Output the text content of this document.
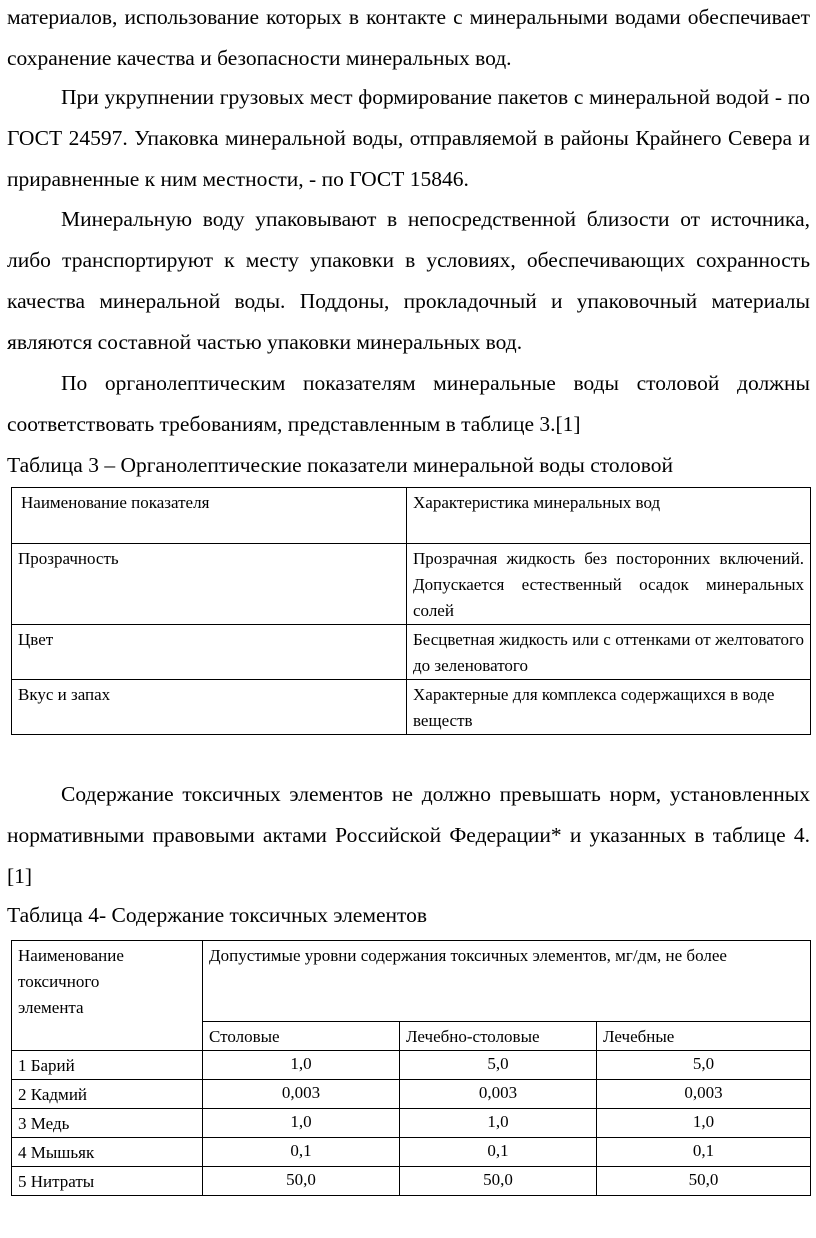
материалов, использование которых в контакте с минеральными водами обеспечивает сохранение качества и безопасности минеральных вод.

При укрупнении грузовых мест формирование пакетов с минеральной водой - по ГОСТ 24597. Упаковка минеральной воды, отправляемой в районы Крайнего Севера и приравненные к ним местности, - по ГОСТ 15846.

Минеральную воду упаковывают в непосредственной близости от источника, либо транспортируют к месту упаковки в условиях, обеспечивающих сохранность качества минеральной воды. Поддоны, прокладочный и упаковочный материалы являются составной частью упаковки минеральных вод.

По органолептическим показателям минеральные воды столовой должны соответствовать требованиям, представленным в таблице 3.[1]

Таблица 3 – Органолептические показатели минеральной воды столовой

Наименование показателя	Характеристика минеральных вод
Прозрачность	Прозрачная жидкость без посторонних включений. Допускается естественный осадок минеральных солей
Цвет	Бесцветная жидкость или с оттенками от желтоватого до зеленоватого
Вкус и запах	Характерные для комплекса содержащихся в воде веществ

Содержание токсичных элементов не должно превышать норм, установленных нормативными правовыми актами Российской Федерации* и указанных в таблице 4. [1]

Таблица 4- Содержание токсичных элементов

Наименование токсичного элемента	Допустимые уровни содержания токсичных элементов, мг/дм, не более		
	Столовые	Лечебно-столовые	Лечебные
1 Барий	1,0	5,0	5,0
2 Кадмий	0,003	0,003	0,003
3 Медь	1,0	1,0	1,0
4 Мышьяк	0,1	0,1	0,1
5 Нитраты	50,0	50,0	50,0
